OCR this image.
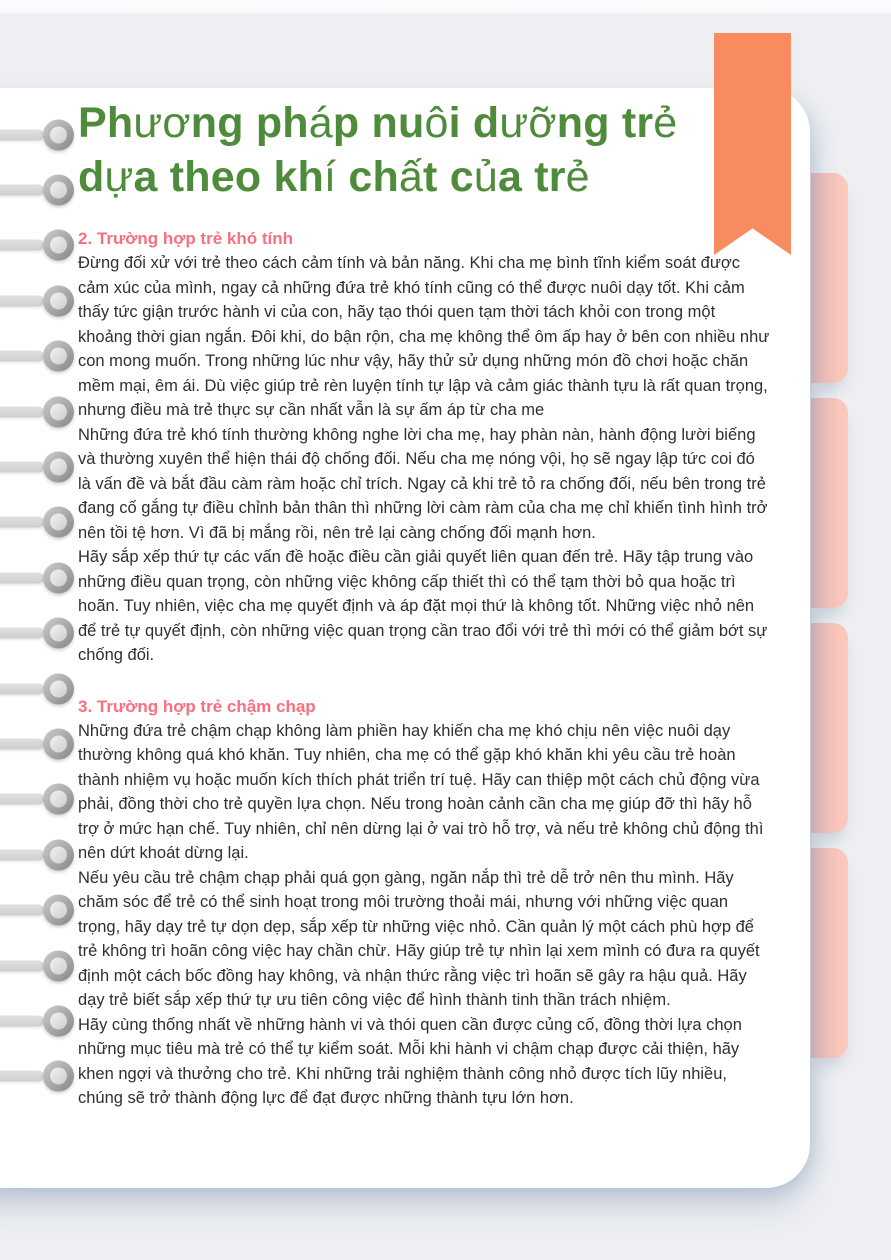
Phương pháp nuôi dưỡng trẻ
dựa theo khí chất của trẻ
2. Trường hợp trẻ khó tính

Đừng đối xử với trẻ theo cách cảm tính và bản năng. Khi cha mẹ bình tĩnh kiểm soát được cảm xúc của mình, ngay cả những đứa trẻ khó tính cũng có thể được nuôi dạy tốt. Khi cảm thấy tức giận trước hành vi của con, hãy tạo thói quen tạm thời tách khỏi con trong một khoảng thời gian ngắn. Đôi khi, do bận rộn, cha mẹ không thể ôm ấp hay ở bên con nhiều như con mong muốn. Trong những lúc như vậy, hãy thử sử dụng những món đồ chơi hoặc chăn mềm mại, êm ái. Dù việc giúp trẻ rèn luyện tính tự lập và cảm giác thành tựu là rất quan trọng, nhưng điều mà trẻ thực sự cần nhất vẫn là sự ấm áp từ cha me

Những đứa trẻ khó tính thường không nghe lời cha mẹ, hay phàn nàn, hành động lười biếng và thường xuyên thể hiện thái độ chống đối. Nếu cha mẹ nóng vội, họ sẽ ngay lập tức coi đó là vấn đề và bắt đầu càm ràm hoặc chỉ trích. Ngay cả khi trẻ tỏ ra chống đối, nếu bên trong trẻ đang cố gắng tự điều chỉnh bản thân thì những lời càm ràm của cha mẹ chỉ khiến tình hình trở nên tồi tệ hơn. Vì đã bị mắng rồi, nên trẻ lại càng chống đối mạnh hơn.

Hãy sắp xếp thứ tự các vấn đề hoặc điều cần giải quyết liên quan đến trẻ. Hãy tập trung vào những điều quan trọng, còn những việc không cấp thiết thì có thể tạm thời bỏ qua hoặc trì hoãn. Tuy nhiên, việc cha mẹ quyết định và áp đặt mọi thứ là không tốt. Những việc nhỏ nên để trẻ tự quyết định, còn những việc quan trọng cần trao đổi với trẻ thì mới có thể giảm bớt sự chống đối.

3. Trường hợp trẻ chậm chạp

Những đứa trẻ chậm chạp không làm phiền hay khiến cha mẹ khó chịu nên việc nuôi dạy thường không quá khó khăn. Tuy nhiên, cha mẹ có thể gặp khó khăn khi yêu cầu trẻ hoàn thành nhiệm vụ hoặc muốn kích thích phát triển trí tuệ. Hãy can thiệp một cách chủ động vừa phải, đồng thời cho trẻ quyền lựa chọn. Nếu trong hoàn cảnh cần cha mẹ giúp đỡ thì hãy hỗ trợ ở mức hạn chế. Tuy nhiên, chỉ nên dừng lại ở vai trò hỗ trợ, và nếu trẻ không chủ động thì nên dứt khoát dừng lại.

Nếu yêu cầu trẻ chậm chạp phải quá gọn gàng, ngăn nắp thì trẻ dễ trở nên thu mình. Hãy chăm sóc để trẻ có thể sinh hoạt trong môi trường thoải mái, nhưng với những việc quan trọng, hãy dạy trẻ tự dọn dẹp, sắp xếp từ những việc nhỏ. Cần quản lý một cách phù hợp để trẻ không trì hoãn công việc hay chần chừ. Hãy giúp trẻ tự nhìn lại xem mình có đưa ra quyết định một cách bốc đồng hay không, và nhận thức rằng việc trì hoãn sẽ gây ra hậu quả. Hãy dạy trẻ biết sắp xếp thứ tự ưu tiên công việc để hình thành tinh thần trách nhiệm.

Hãy cùng thống nhất về những hành vi và thói quen cần được củng cố, đồng thời lựa chọn những mục tiêu mà trẻ có thể tự kiểm soát. Mỗi khi hành vi chậm chạp được cải thiện, hãy khen ngợi và thưởng cho trẻ. Khi những trải nghiệm thành công nhỏ được tích lũy nhiều, chúng sẽ trở thành động lực để đạt được những thành tựu lớn hơn.
